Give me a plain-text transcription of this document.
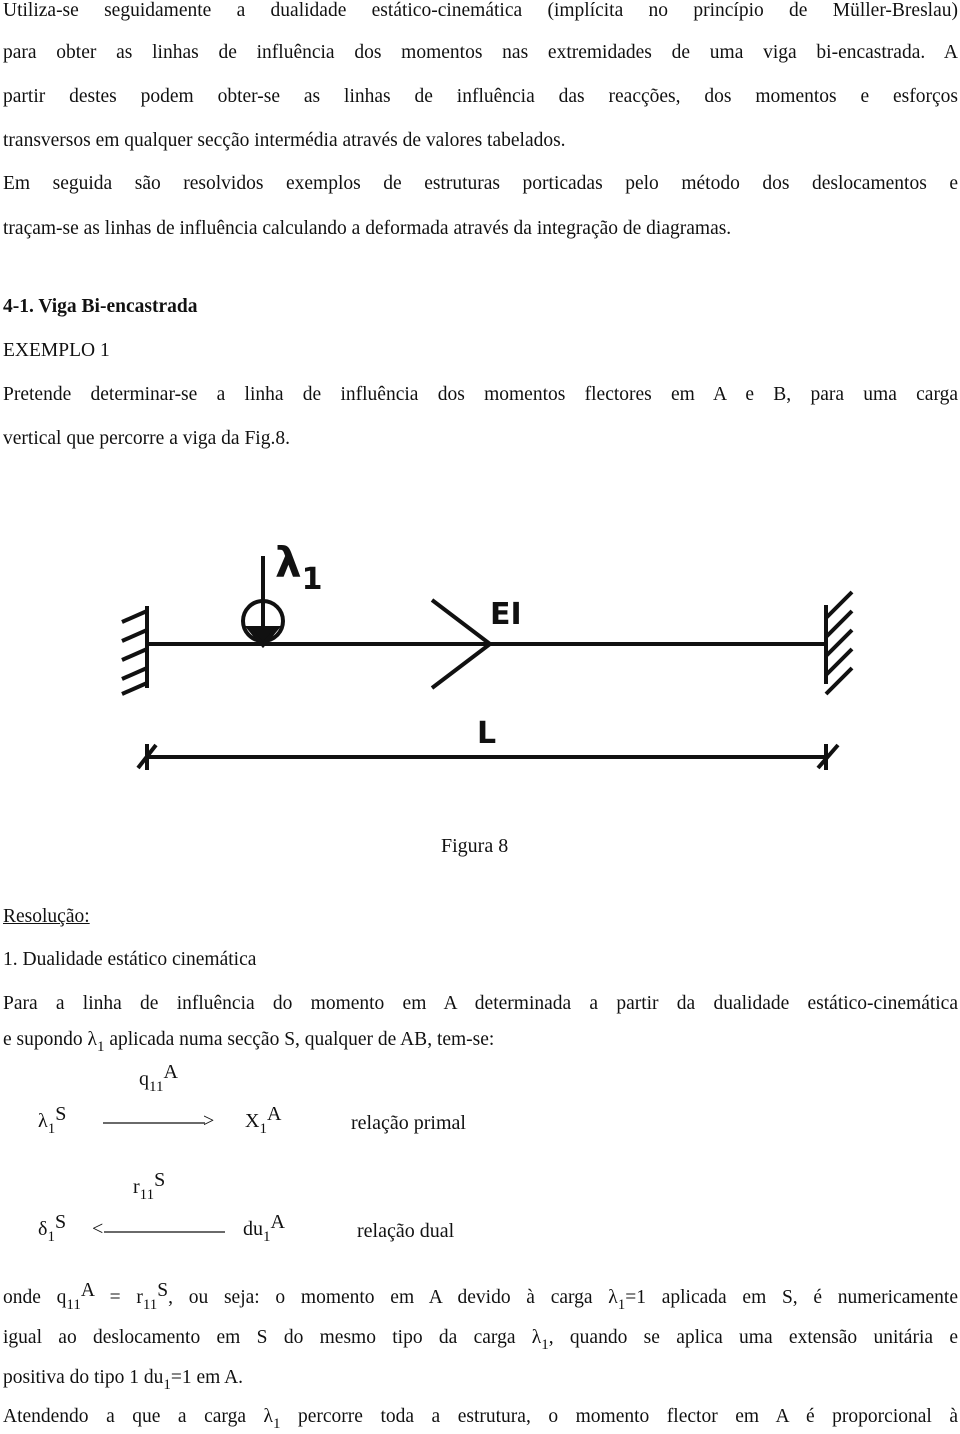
Utiliza-se seguidamente a dualidade estático-cinemática (implícita no princípio de Müller-Breslau)
para obter as linhas de influência dos momentos nas extremidades de uma viga bi-encastrada. A
partir destes podem obter-se as linhas de influência das reacções, dos momentos e esforços
transversos em qualquer secção intermédia através de valores tabelados.
Em seguida são resolvidos exemplos de estruturas porticadas pelo método dos deslocamentos e
traçam-se as linhas de influência calculando a deformada através da integração de diagramas.
4-1. Viga Bi-encastrada
EXEMPLO 1
Pretende determinar-se a linha de influência dos momentos flectores em A e B, para uma carga
vertical que percorre a viga da Fig.8.
$\lambda_1$
EI
L
Figura 8
Resolução:
1. Dualidade estático cinemática
Para a linha de influência do momento em A determinada a partir da dualidade estático-cinemática
e supondo $\lambda_1$ aplicada numa secção S, qualquer de AB, tem-se:
$q_{11}A$
$\lambda_1S$	> $X_1A$	relação primal
$r_{11}S$
$\delta_1S$ <	$du_1A$	relação dual
onde $q_{11}A = r_{11}S$, ou seja: o momento em A devido à carga $\lambda_1=1$ aplicada em S, é numericamente
igual ao deslocamento em S do mesmo tipo da carga $\lambda_1$, quando se aplica uma extensão unitária e
positiva do tipo 1 $du_1=1$ em A.
Atendendo a que a carga $\lambda_1$ percorre toda a estrutura, o momento flector em A é proporcional à
